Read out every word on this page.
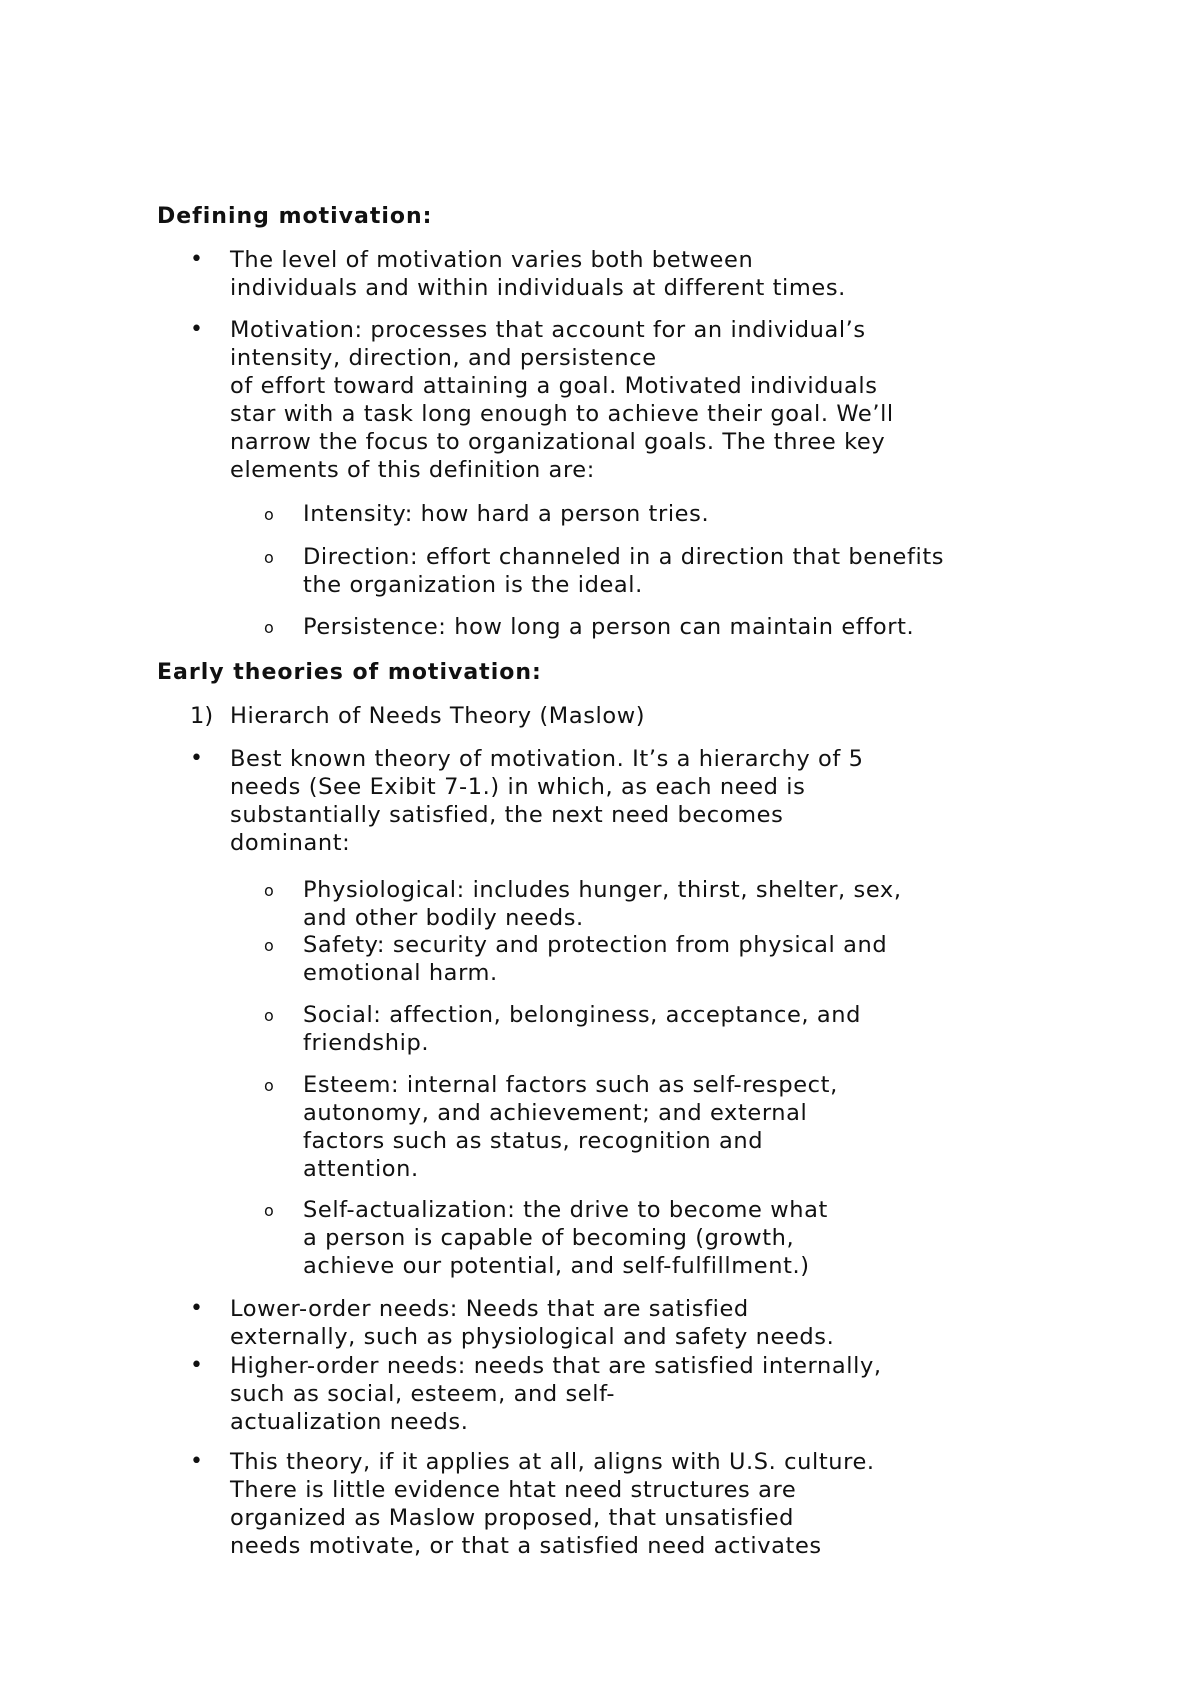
Defining motivation:
• The level of motivation varies both between
individuals and within individuals at different times.
• Motivation: processes that account for an individual’s
intensity, direction, and persistence
of effort toward attaining a goal. Motivated individuals
star with a task long enough to achieve their goal. We’ll
narrow the focus to organizational goals. The three key
elements of this definition are:
o Intensity: how hard a person tries.
o Direction: effort channeled in a direction that benefits
the organization is the ideal.
o Persistence: how long a person can maintain effort.
Early theories of motivation:
1) Hierarch of Needs Theory (Maslow)
• Best known theory of motivation. It’s a hierarchy of 5
needs (See Exibit 7-1.) in which, as each need is
substantially satisfied, the next need becomes
dominant:
o Physiological: includes hunger, thirst, shelter, sex,
and other bodily needs.
o Safety: security and protection from physical and
emotional harm.
o Social: affection, belonginess, acceptance, and
friendship.
o Esteem: internal factors such as self-respect,
autonomy, and achievement; and external
factors such as status, recognition and
attention.
o Self-actualization: the drive to become what
a person is capable of becoming (growth,
achieve our potential, and self-fulfillment.)
• Lower-order needs: Needs that are satisfied
externally, such as physiological and safety needs.
• Higher-order needs: needs that are satisfied internally,
such as social, esteem, and self-
actualization needs.
• This theory, if it applies at all, aligns with U.S. culture.
There is little evidence htat need structures are
organized as Maslow proposed, that unsatisfied
needs motivate, or that a satisfied need activates
